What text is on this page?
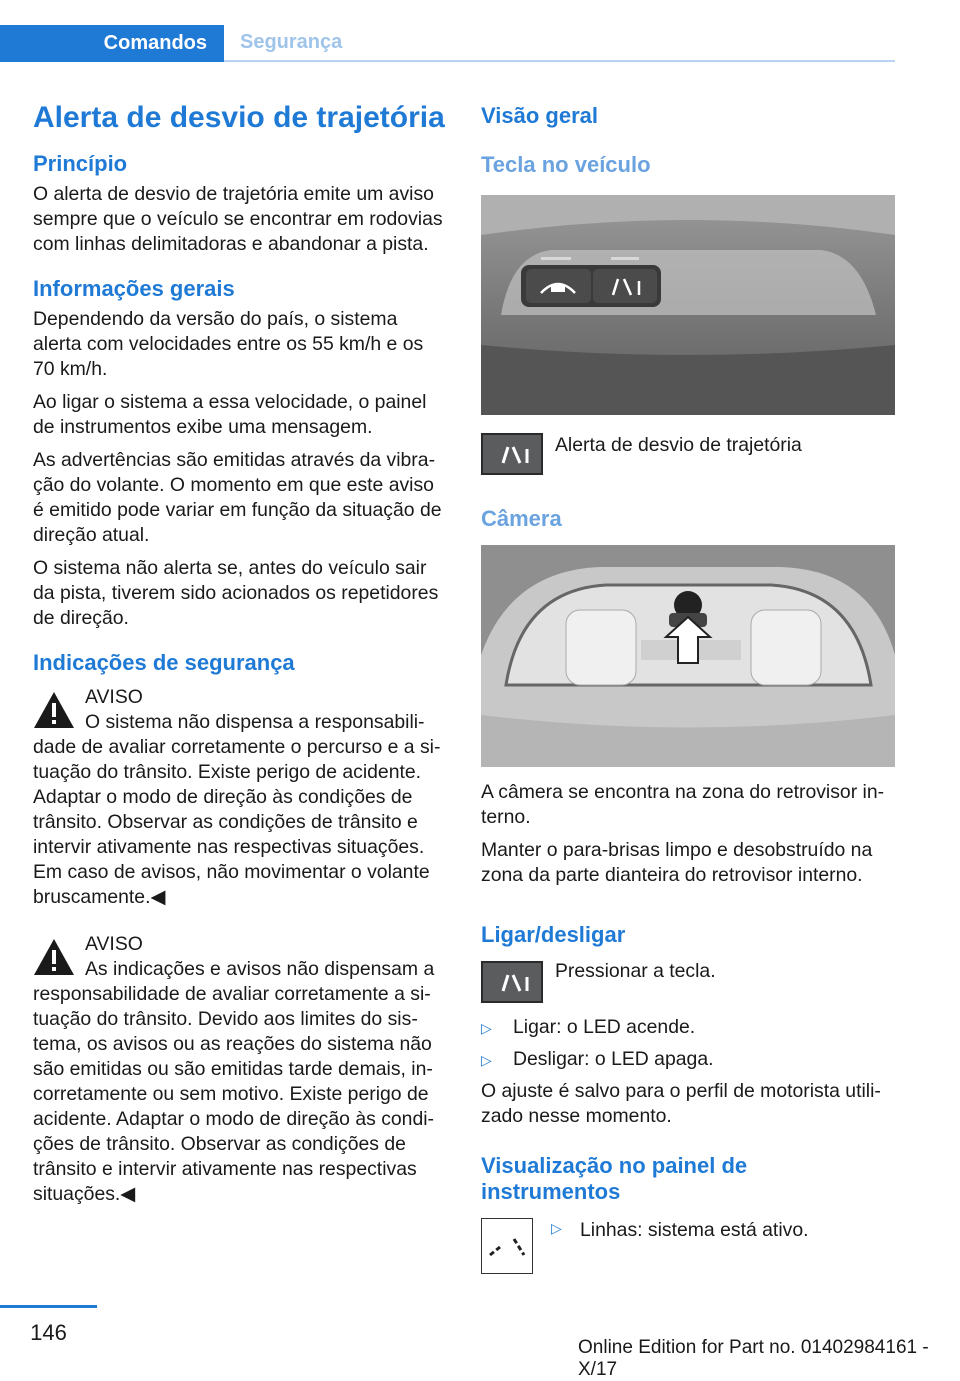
Comandos Segurança
Alerta de desvio de trajetória
Princípio

O alerta de desvio de trajetória emite um aviso sempre que o veículo se encontrar em rodovias com linhas delimitadoras e abandonar a pista.

Informações gerais

Dependendo da versão do país, o sistema alerta com velocidades entre os 55 km/h e os 70 km/h.

Ao ligar o sistema a essa velocidade, o painel de instrumentos exibe uma mensagem.

As advertências são emitidas através da vibração do volante. O momento em que este aviso é emitido pode variar em função da situação de direção atual.

O sistema não alerta se, antes do veículo sair da pista, tiverem sido acionados os repetidores de direção.

Indicações de segurança
AVISO
O sistema não dispensa a responsabili-
dade de avaliar corretamente o percurso e a situação do trânsito. Existe perigo de acidente. Adaptar o modo de direção às condições de trânsito. Observar as condições de trânsito e intervir ativamente nas respectivas situações. Em caso de avisos, não movimentar o volante bruscamente.◀
AVISO
As indicações e avisos não dispensam a
responsabilidade de avaliar corretamente a situação do trânsito. Devido aos limites do sistema, os avisos ou as reações do sistema não são emitidas ou são emitidas tarde demais, incorretamente ou sem motivo. Existe perigo de acidente. Adaptar o modo de direção às condições de trânsito. Observar as condições de trânsito e intervir ativamente nas respectivas situações.◀
Visão geral
Tecla no veículo
Alerta de desvio de trajetória
Câmera

A câmera se encontra na zona do retrovisor interno.

Manter o para-brisas limpo e desobstruído na zona da parte dianteira do retrovisor interno.

Ligar/desligar
Pressionar a tecla.
▷ Ligar: o LED acende.
▷ Desligar: o LED apaga.

O ajuste é salvo para o perfil de motorista utilizado nesse momento.

Visualização no painel de instrumentos
▷ Linhas: sistema está ativo.
146
Online Edition for Part no. 01402984161 - X/17
